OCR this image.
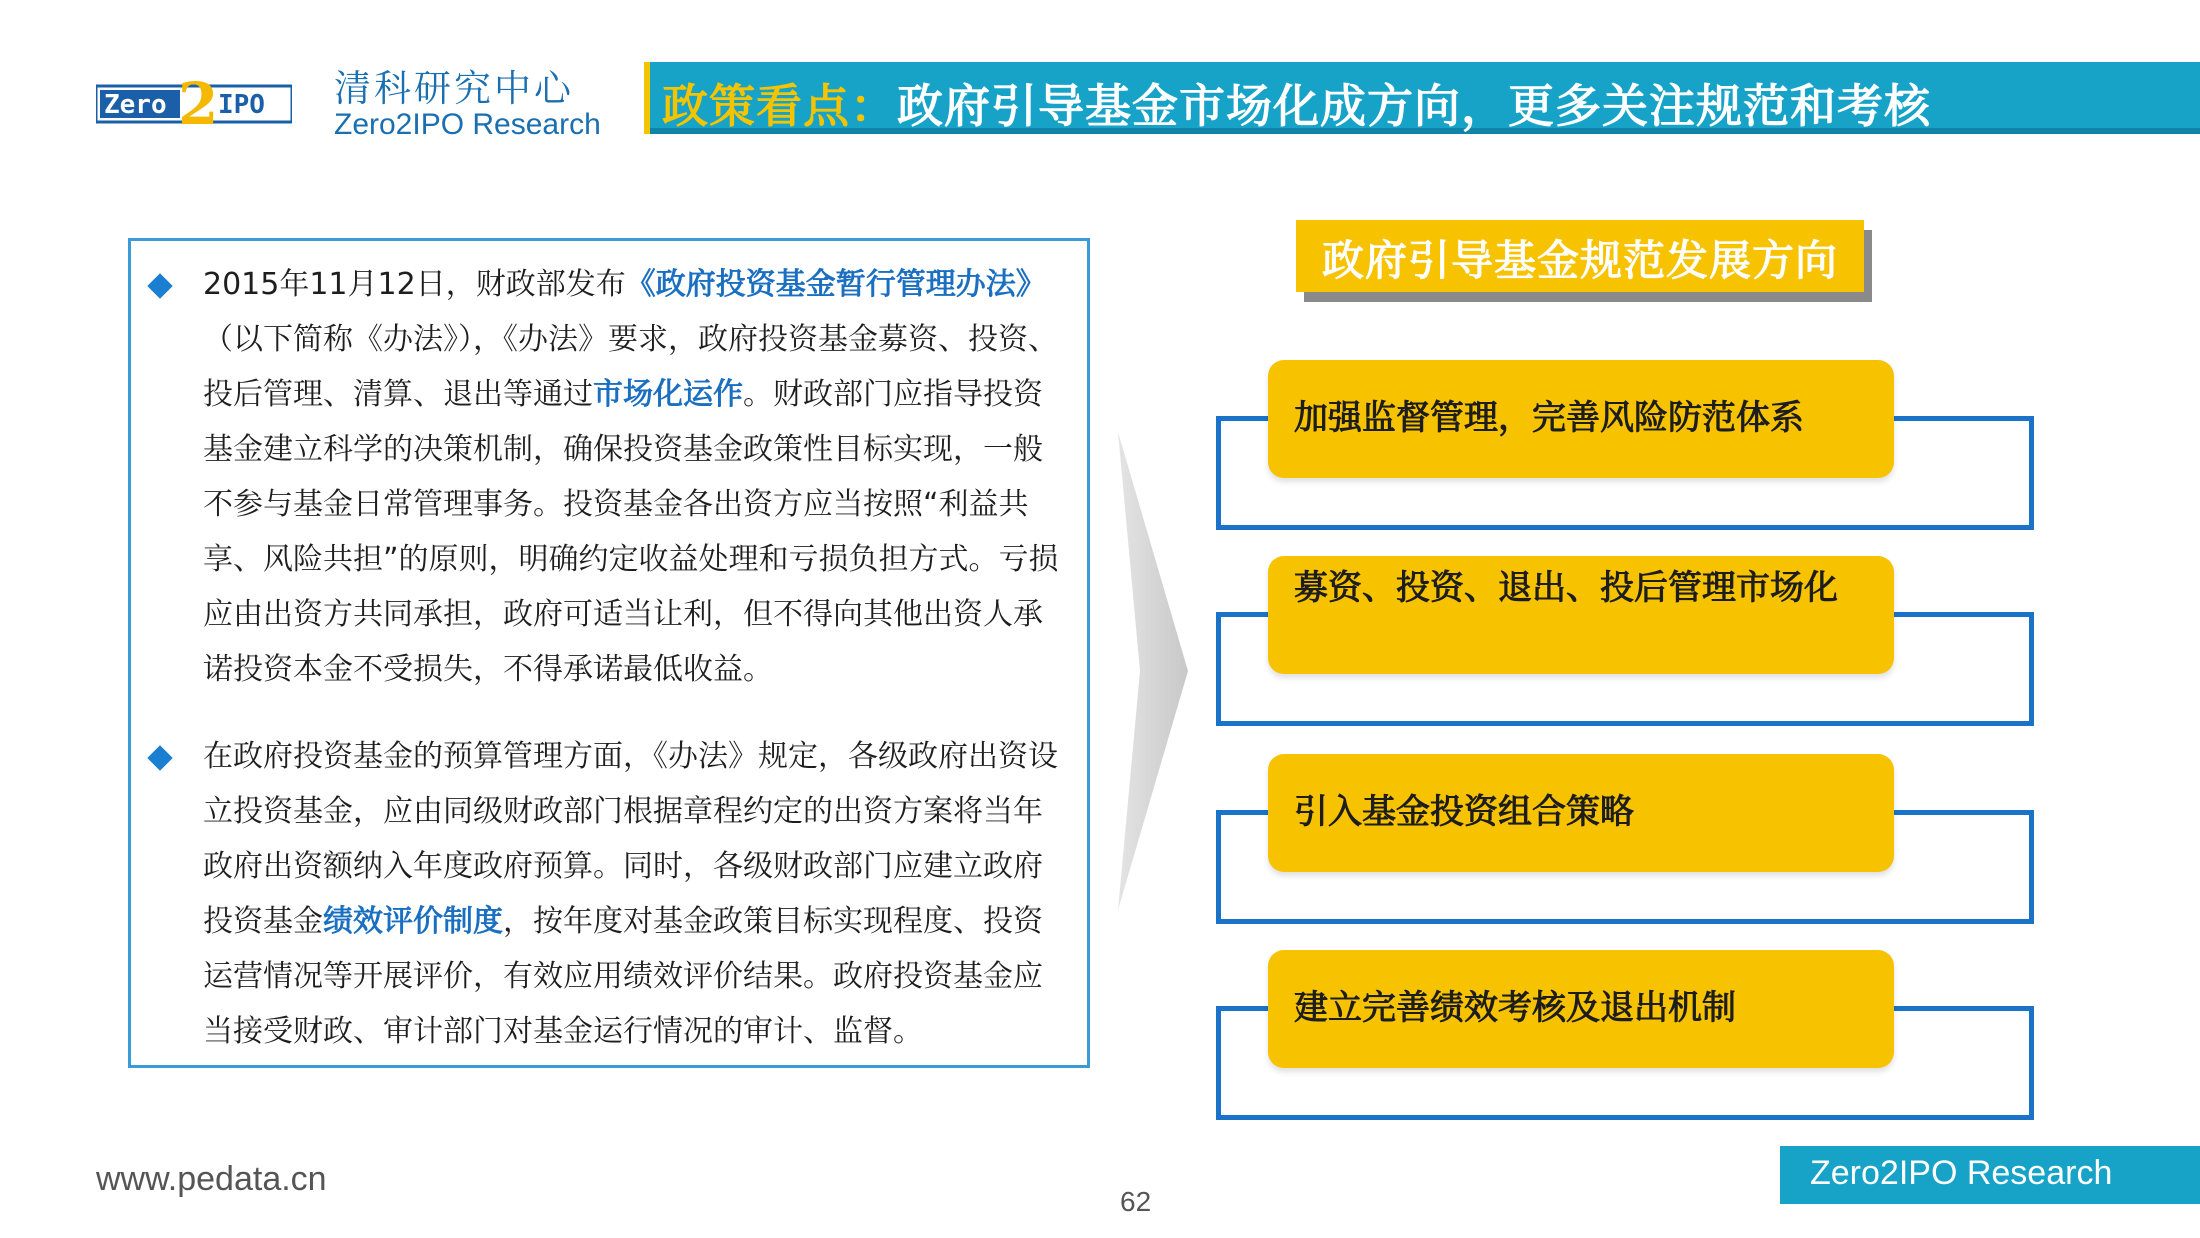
Zero 2 IPO 清科研究中心
Zero2IPO Research 政策看点：政府引导基金市场化成方向，更多关注规范和考核
2015年11月12日，财政部发布《政府投资基金暂行管理办法》（以下简称《办法》），《办法》要求，政府投资基金募资、投资、投后管理、清算、退出等通过市场化运作。财政部门应指导投资基金建立科学的决策机制，确保投资基金政策性目标实现，一般不参与基金日常管理事务。投资基金各出资方应当按照“利益共享、风险共担”的原则，明确约定收益处理和亏损负担方式。亏损应由出资方共同承担，政府可适当让利，但不得向其他出资人承诺投资本金不受损失，不得承诺最低收益。
在政府投资基金的预算管理方面，《办法》规定，各级政府出资设立投资基金，应由同级财政部门根据章程约定的出资方案将当年政府出资额纳入年度政府预算。同时，各级财政部门应建立政府投资基金绩效评价制度，按年度对基金政策目标实现程度、投资运营情况等开展评价，有效应用绩效评价结果。政府投资基金应当接受财政、审计部门对基金运行情况的审计、监督。
政府引导基金规范发展方向
加强监督管理，完善风险防范体系
募资、投资、退出、投后管理市场化
引入基金投资组合策略
建立完善绩效考核及退出机制
www.pedata.cn
62
Zero2IPO Research
